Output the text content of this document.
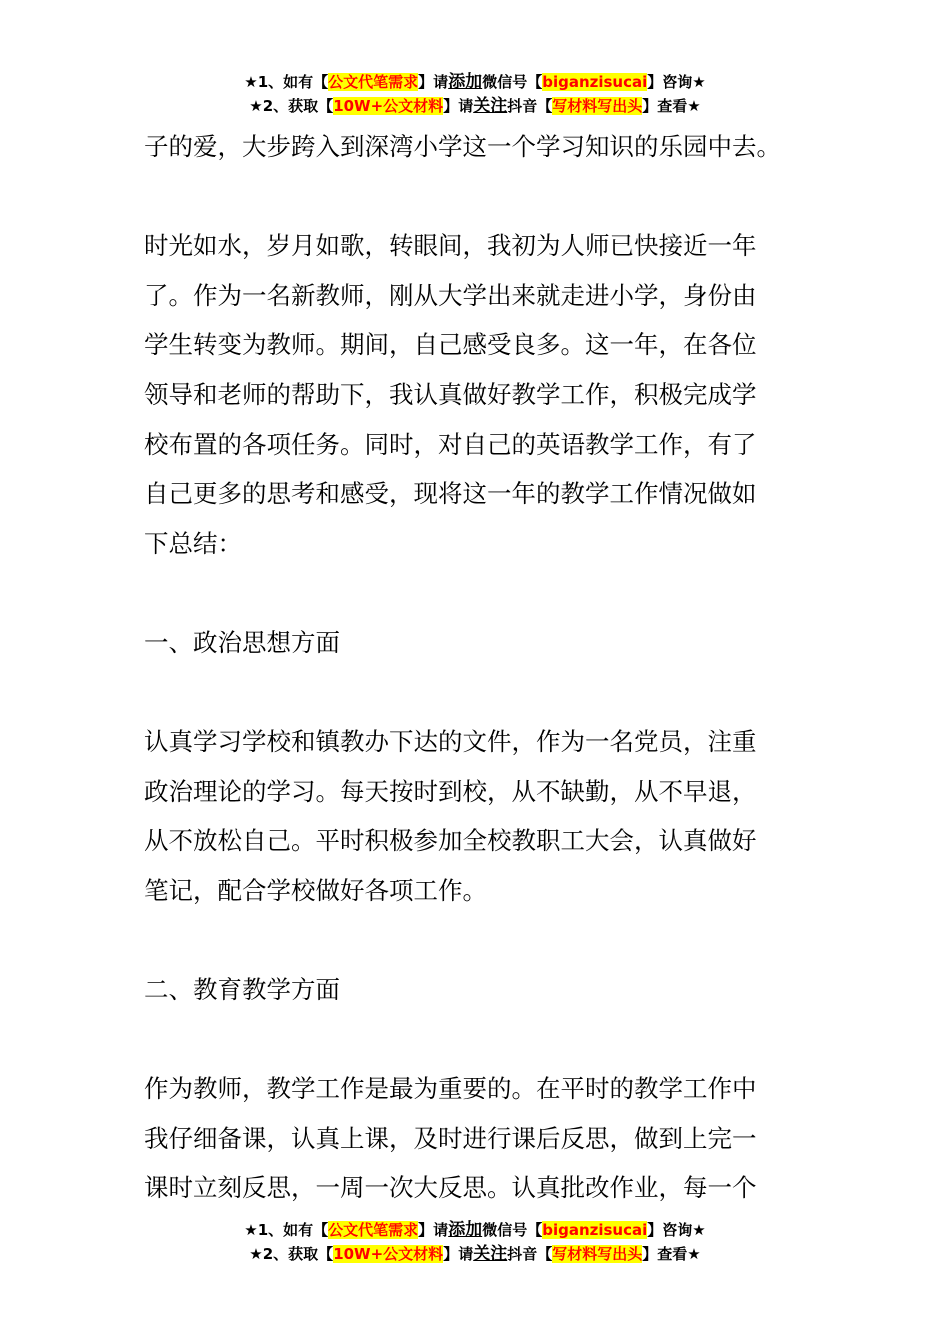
★1、如有【公文代笔需求】请添加微信号【biganzisucai】咨询★
★2、获取【10W+公文材料】请关注抖音【写材料写出头】查看★

子的爱，大步跨入到深湾小学这一个学习知识的乐园中去。

时光如水，岁月如歌，转眼间，我初为人师已快接近一年

了。作为一名新教师，刚从大学出来就走进小学，身份由

学生转变为教师。期间，自己感受良多。这一年，在各位

领导和老师的帮助下，我认真做好教学工作，积极完成学

校布置的各项任务。同时，对自己的英语教学工作，有了

自己更多的思考和感受，现将这一年的教学工作情况做如

下总结：

一、政治思想方面

认真学习学校和镇教办下达的文件，作为一名党员，注重

政治理论的学习。每天按时到校，从不缺勤，从不早退，

从不放松自己。平时积极参加全校教职工大会，认真做好

笔记，配合学校做好各项工作。

二、教育教学方面

作为教师，教学工作是最为重要的。在平时的教学工作中

我仔细备课，认真上课，及时进行课后反思，做到上完一

课时立刻反思，一周一次大反思。认真批改作业，每一个

★1、如有【公文代笔需求】请添加微信号【biganzisucai】咨询★
★2、获取【10W+公文材料】请关注抖音【写材料写出头】查看★
